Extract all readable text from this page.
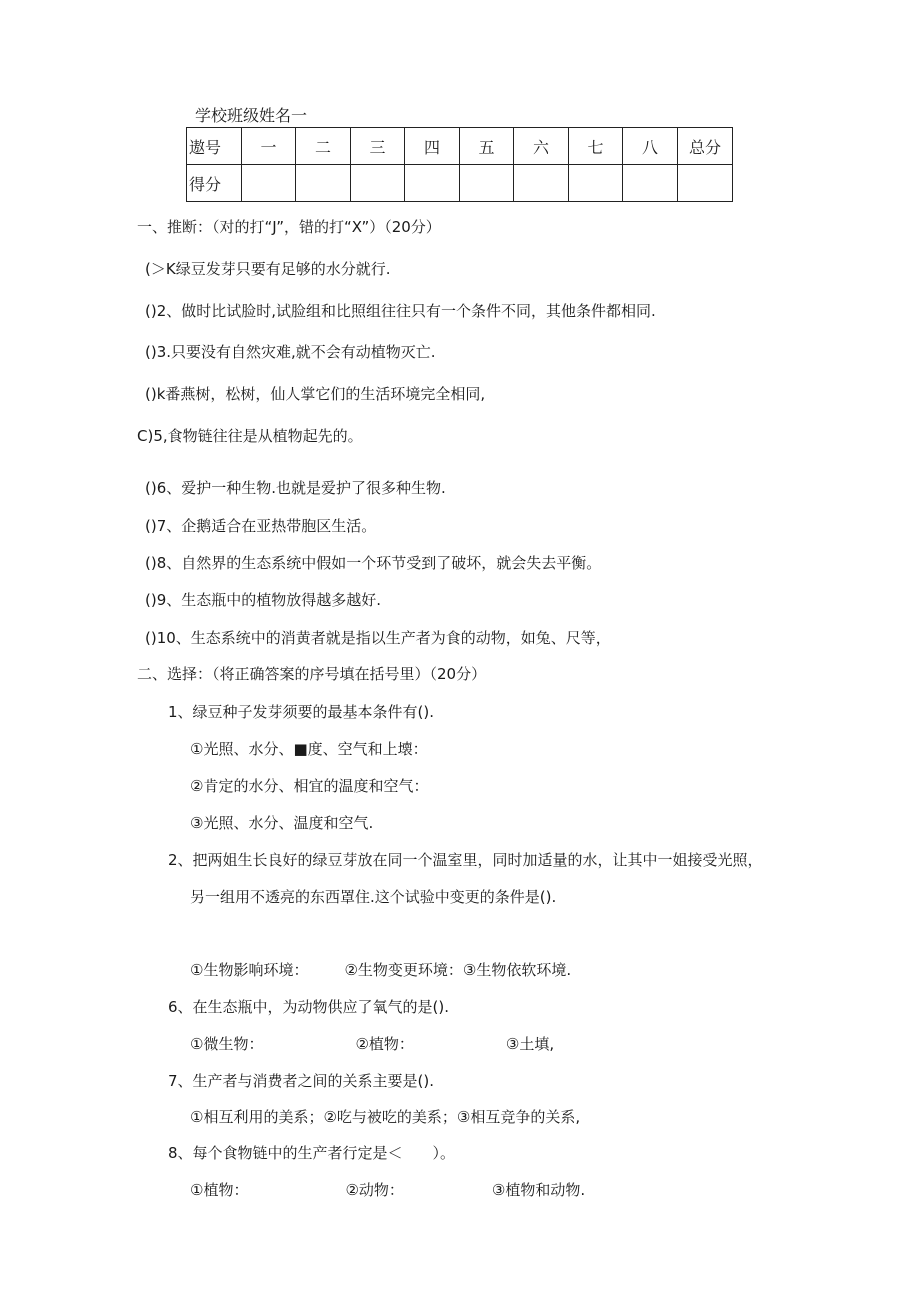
学校班级姓名一
遨号	一	二	三	四	五	六	七	八	总分
得分									
一、推断：（对的打“J”，错的打“X”）（20分）
(＞K绿豆发芽只要有足够的水分就行.
()2、做时比试脸时,试脸组和比照组往往只有一个条件不同，其他条件都相同.
()3.只要没有自然灾难,就不会有动植物灭亡.
()k番燕树，松树，仙人掌它们的生活环境完全相同,
C)5,食物链往往是从植物起先的。
()6、爱护一种生物.也就是爱护了很多种生物.
()7、企鹅适合在亚热带胞区生活。
()8、自然界的生态系统中假如一个环节受到了破坏，就会失去平衡。
()9、生态瓶中的植物放得越多越好.
()10、生态系统中的消黄者就是指以生产者为食的动物，如兔、尺等，
二、选择：（将正确答案的序号填在括号里）（20分）
1、绿豆种子发芽须要的最基本条件有().
①光照、水分、■度、空气和上壊：
②肯定的水分、相宜的温度和空气：
③光照、水分、温度和空气.
2、把两姐生长良好的绿豆芽放在同一个温室里，同时加适量的水，让其中一姐接受光照，
另一组用不透亮的东西罩住.这个试验中变更的条件是().
①生物影响环境： ②生物变更环境：③生物依软环境.
6、在生态瓶中，为动物供应了氧气的是().
①微生物：	②植物：	③土填,
7、生产者与消费者之间的关系主要是().
①相互利用的美系；②吃与被吃的美系；③相互竞争的关系,
8、每个食物链中的生产者行定是＜　　）。
①植物：	②动物：	③植物和动物.
